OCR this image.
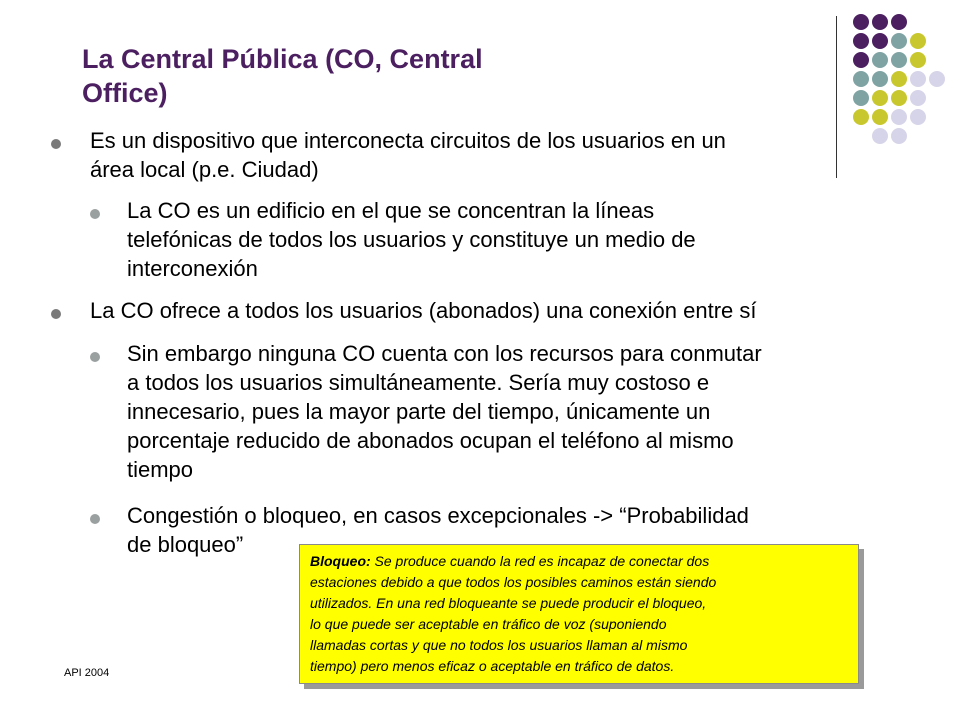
La Central Pública (CO, Central
Office)
Es un dispositivo que interconecta circuitos de los usuarios en un
área local (p.e. Ciudad)
La CO es un edificio en el que se concentran la líneas
telefónicas de todos los usuarios y constituye un medio de
interconexión
La CO ofrece a todos los usuarios (abonados) una conexión entre sí
Sin embargo ninguna CO cuenta con los recursos para conmutar
a todos los usuarios simultáneamente. Sería muy costoso e
innecesario, pues la mayor parte del tiempo, únicamente un
porcentaje reducido de abonados ocupan el teléfono al mismo
tiempo
Congestión o bloqueo, en casos excepcionales -> “Probabilidad
de bloqueo”
API 2004
Bloqueo: Se produce cuando la red es incapaz de conectar dos
estaciones debido a que todos los posibles caminos están siendo
utilizados. En una red bloqueante se puede producir el bloqueo,
lo que puede ser aceptable en tráfico de voz (suponiendo
llamadas cortas y que no todos los usuarios llaman al mismo
tiempo) pero menos eficaz o aceptable en tráfico de datos.
